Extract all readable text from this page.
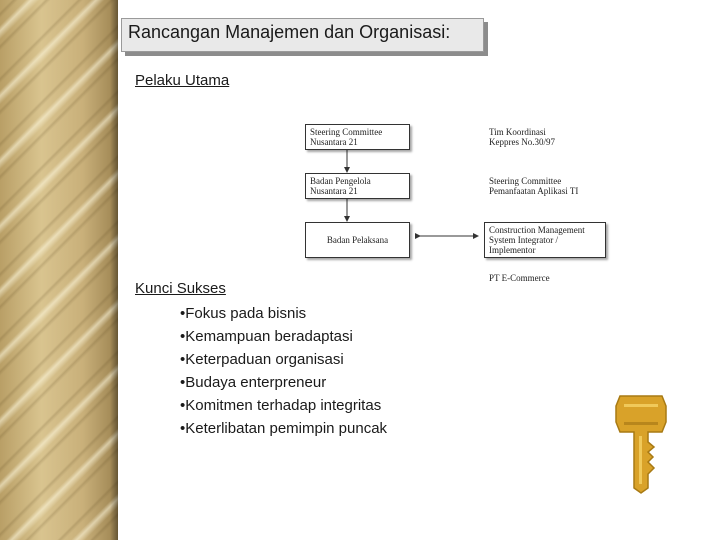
Rancangan Manajemen dan Organisasi:
Pelaku Utama
Steering Committee
Nusantara 21
Badan Pengelola
Nusantara 21
Badan Pelaksana
Construction Management
System Integrator /
Implementor
Tim Koordinasi
Keppres No.30/97
Steering Committee
Pemanfaatan Aplikasi TI
PT E-Commerce
Kunci Sukses
•Fokus pada bisnis
•Kemampuan beradaptasi
•Keterpaduan organisasi
•Budaya enterpreneur
•Komitmen terhadap integritas
•Keterlibatan pemimpin puncak
